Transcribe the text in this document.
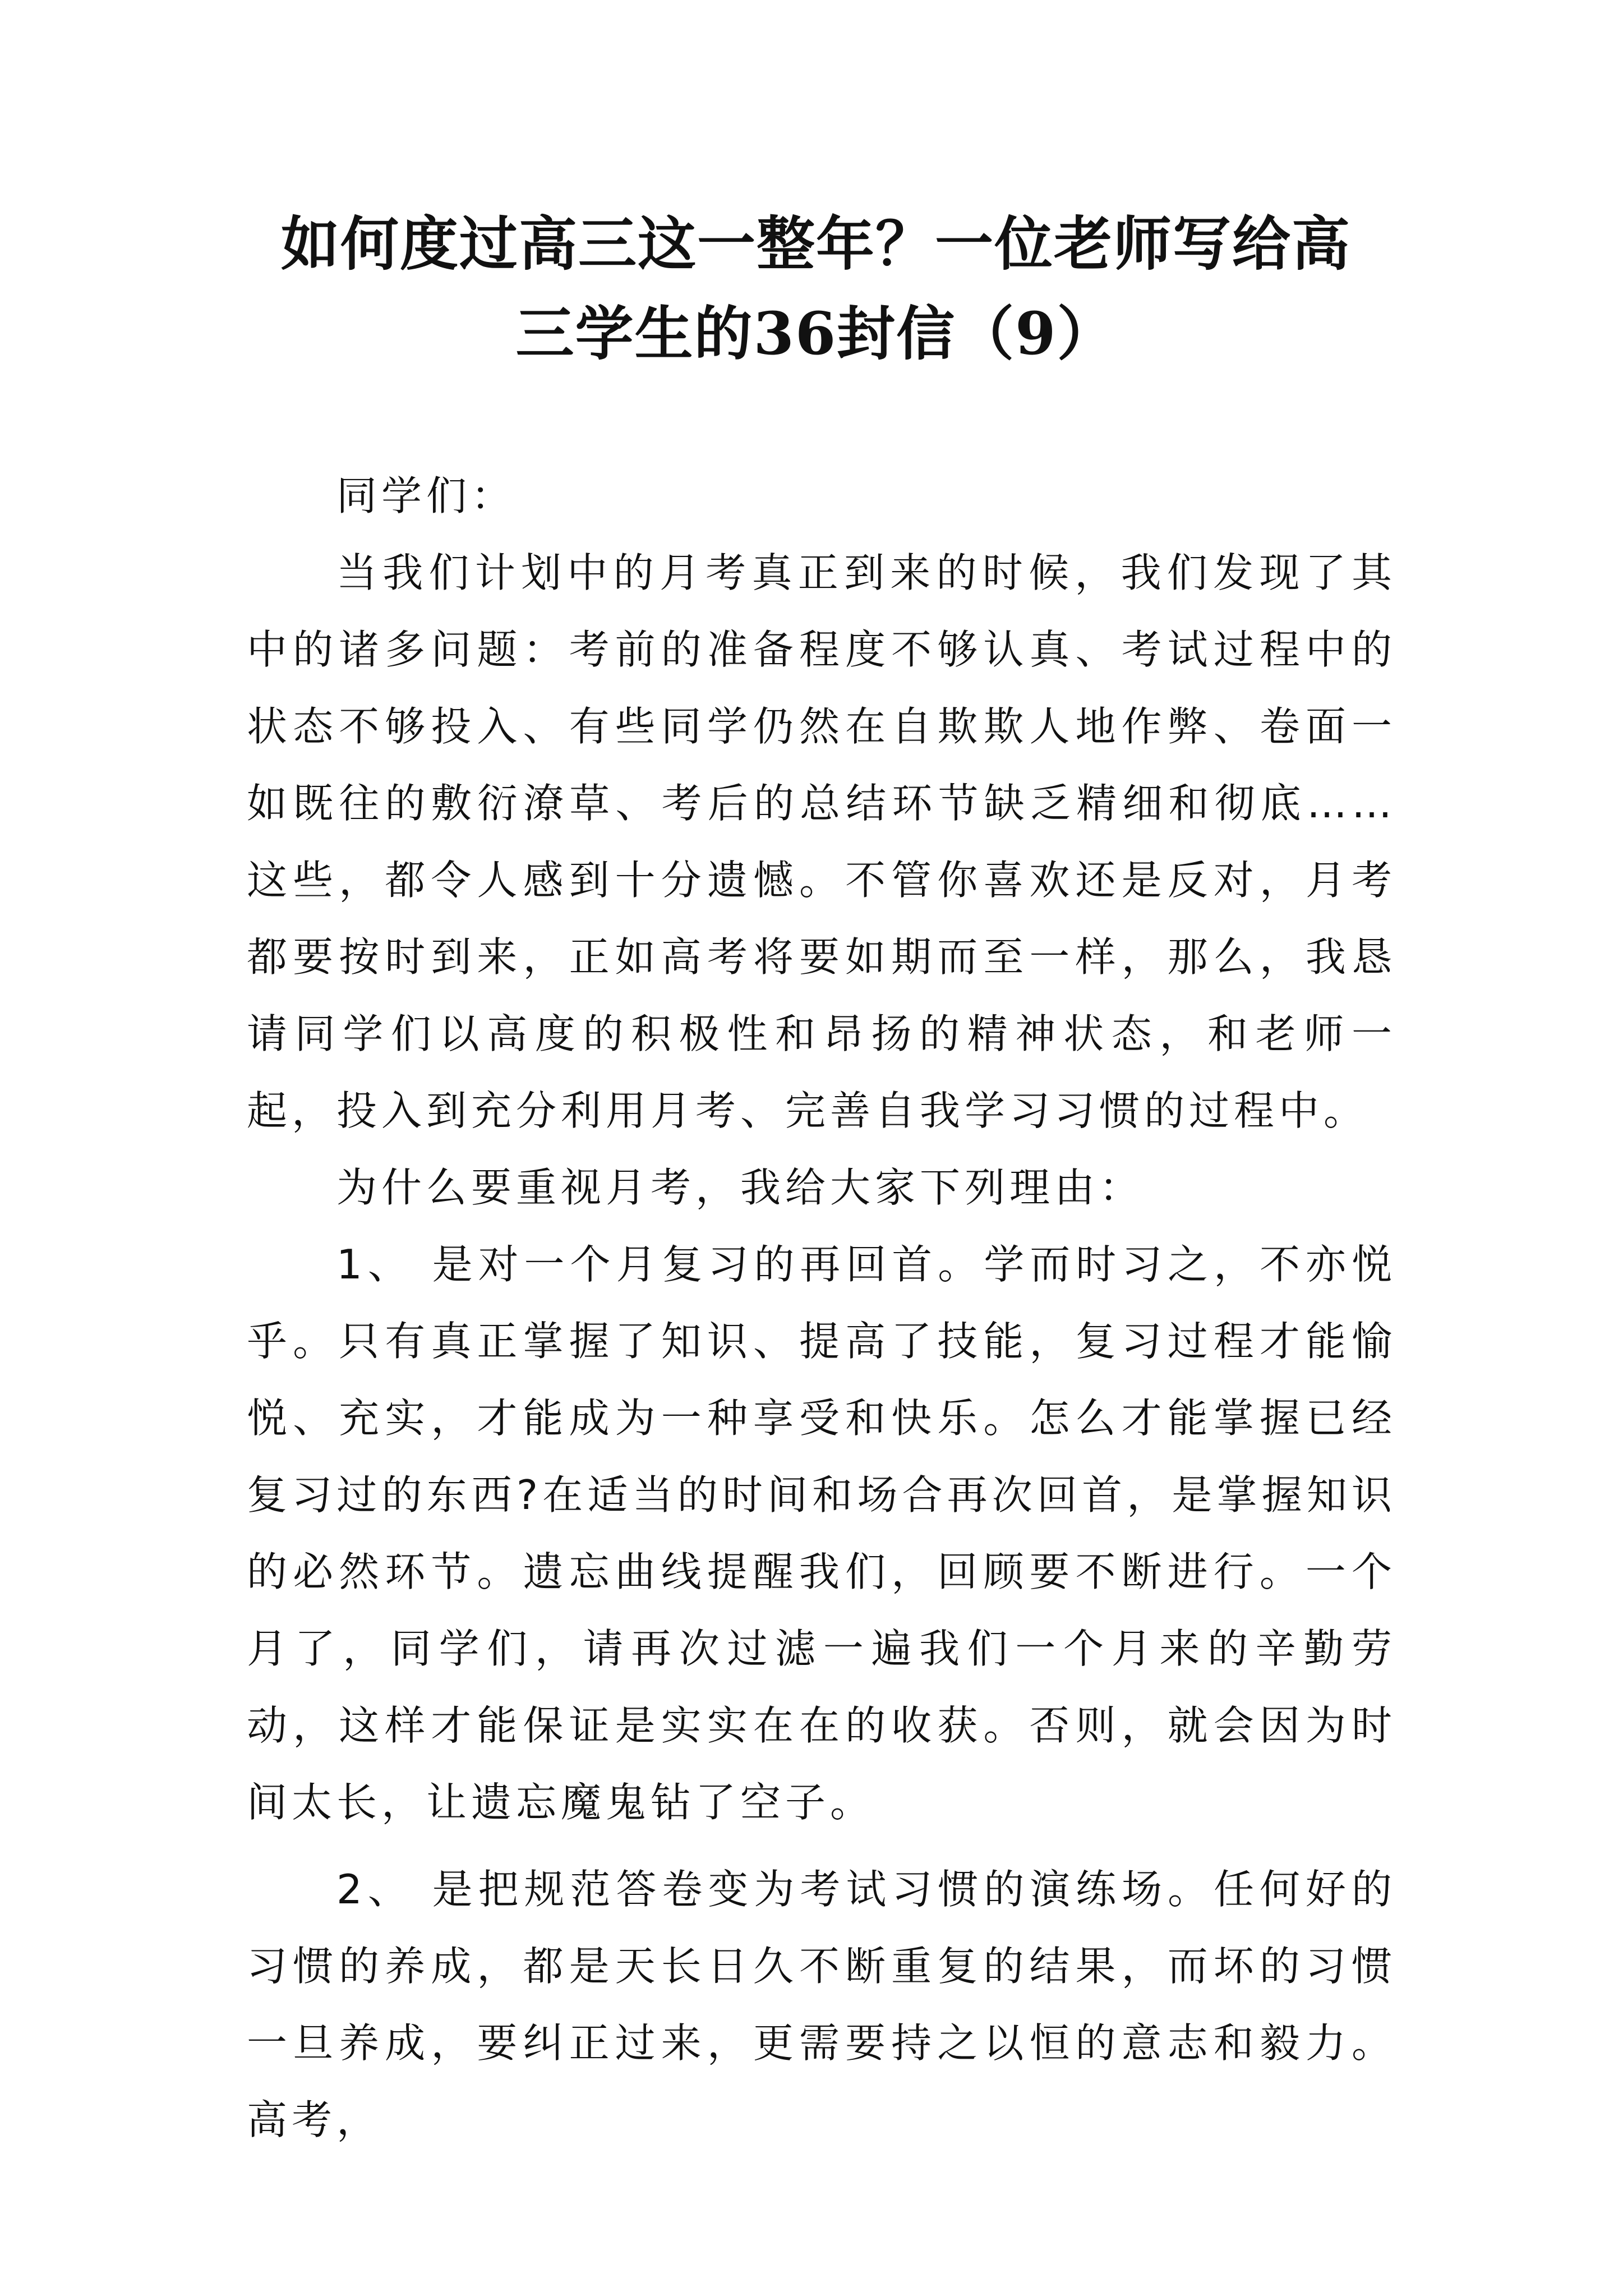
如何度过高三这一整年？一位老师写给高
三学生的36封信（9）

同学们：

当我们计划中的月考真正到来的时候，我们发现了其中的诸多问题：考前的准备程度不够认真、考试过程中的状态不够投入、有些同学仍然在自欺欺人地作弊、卷面一如既往的敷衍潦草、考后的总结环节缺乏精细和彻底……这些，都令人感到十分遗憾。不管你喜欢还是反对，月考都要按时到来，正如高考将要如期而至一样，那么，我恳请同学们以高度的积极性和昂扬的精神状态，和老师一起，投入到充分利用月考、完善自我学习习惯的过程中。

为什么要重视月考，我给大家下列理由：

1、 是对一个月复习的再回首。学而时习之，不亦悦乎。只有真正掌握了知识、提高了技能，复习过程才能愉悦、充实，才能成为一种享受和快乐。怎么才能掌握已经复习过的东西?在适当的时间和场合再次回首，是掌握知识的必然环节。遗忘曲线提醒我们，回顾要不断进行。一个月了，同学们，请再次过滤一遍我们一个月来的辛勤劳动，这样才能保证是实实在在的收获。否则，就会因为时间太长，让遗忘魔鬼钻了空子。

2、 是把规范答卷变为考试习惯的演练场。任何好的习惯的养成，都是天长日久不断重复的结果，而坏的习惯一旦养成，要纠正过来，更需要持之以恒的意志和毅力。高考，
